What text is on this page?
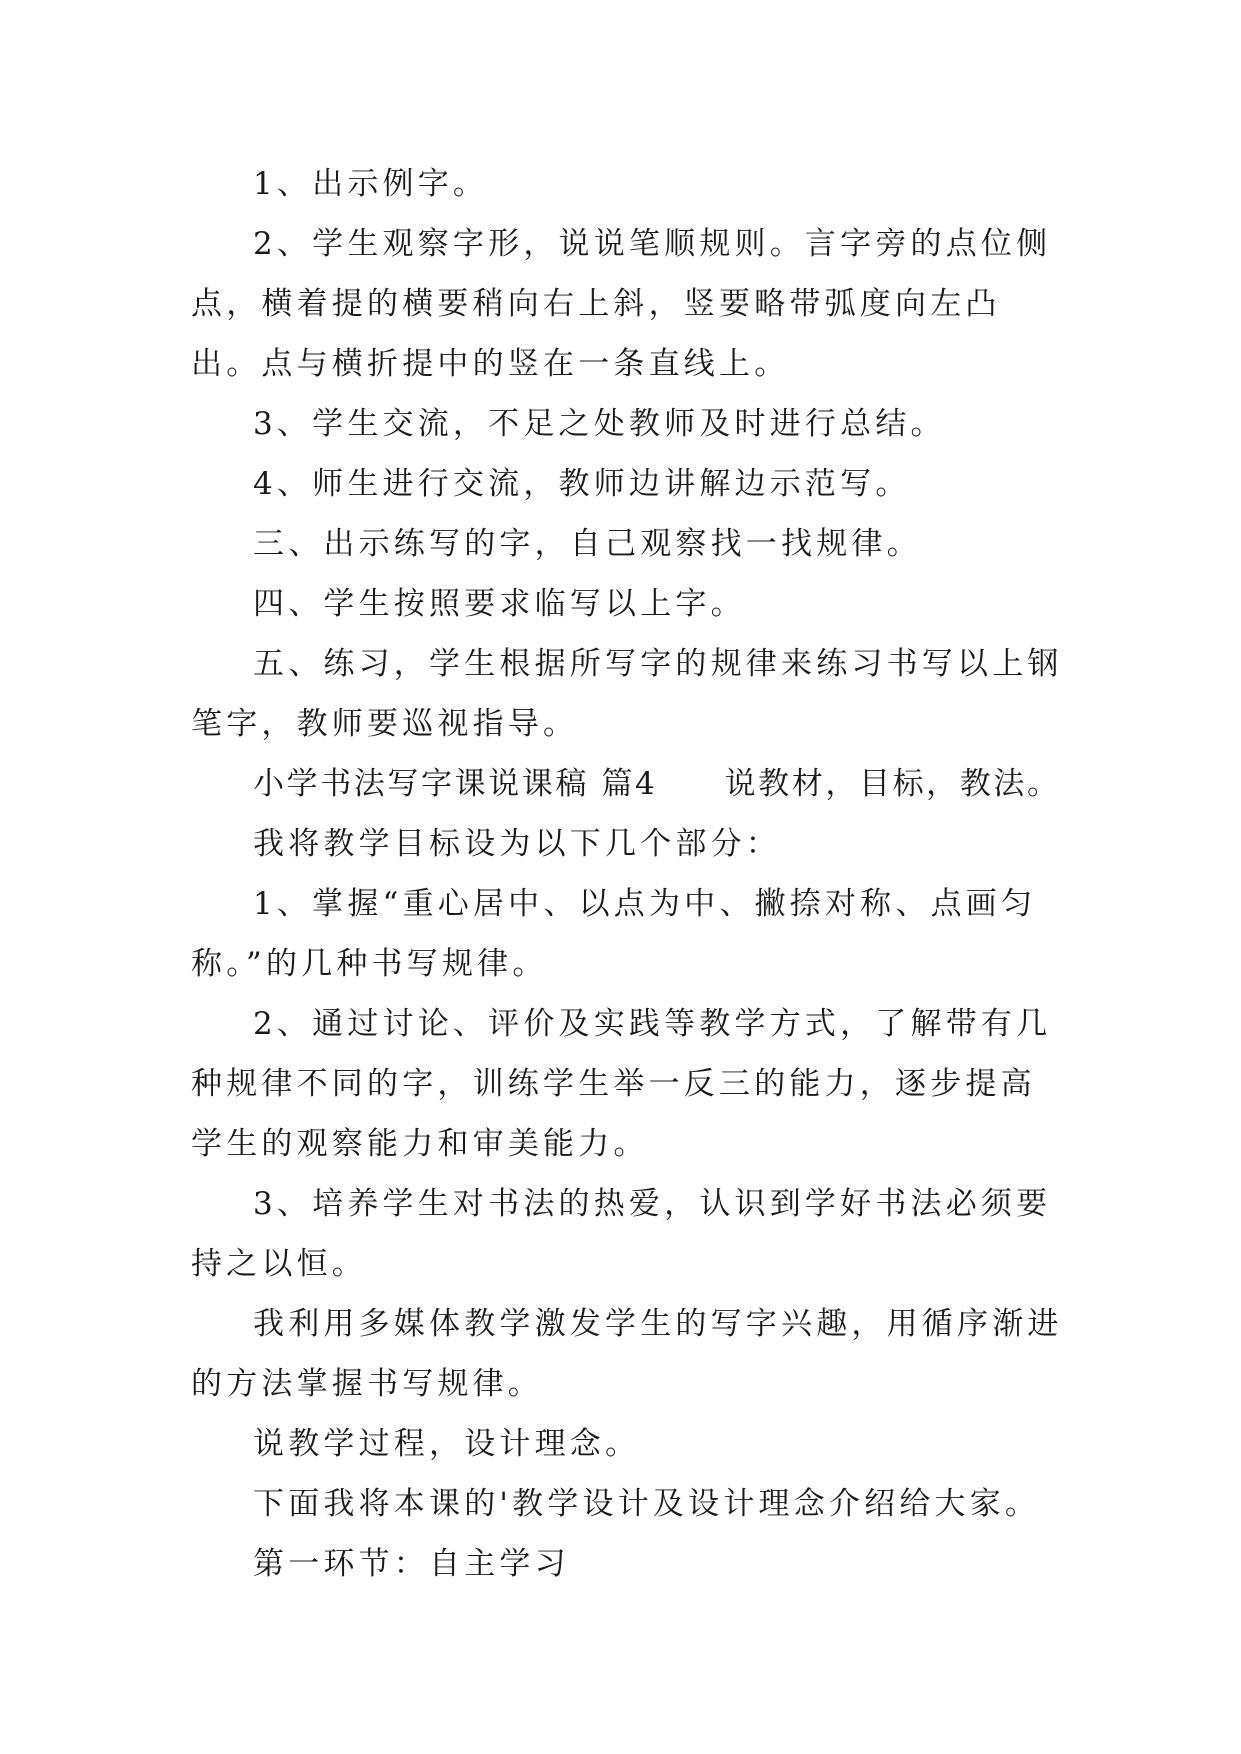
1、出示例字。

2、学生观察字形，说说笔顺规则。言字旁的点位侧点，横着提的横要稍向右上斜，竖要略带弧度向左凸出。点与横折提中的竖在一条直线上。

3、学生交流，不足之处教师及时进行总结。

4、师生进行交流，教师边讲解边示范写。

三、出示练写的字，自己观察找一找规律。

四、学生按照要求临写以上字。

五、练习，学生根据所写字的规律来练习书写以上钢笔字，教师要巡视指导。

小学书法写字课说课稿 篇4　　说教材，目标，教法。

我将教学目标设为以下几个部分：

1、掌握“重心居中、以点为中、撇捺对称、点画匀称。”的几种书写规律。

2、通过讨论、评价及实践等教学方式，了解带有几种规律不同的字，训练学生举一反三的能力，逐步提高学生的观察能力和审美能力。

3、培养学生对书法的热爱，认识到学好书法必须要持之以恒。

我利用多媒体教学激发学生的写字兴趣，用循序渐进的方法掌握书写规律。

说教学过程，设计理念。

下面我将本课的'教学设计及设计理念介绍给大家。

第一环节：自主学习
